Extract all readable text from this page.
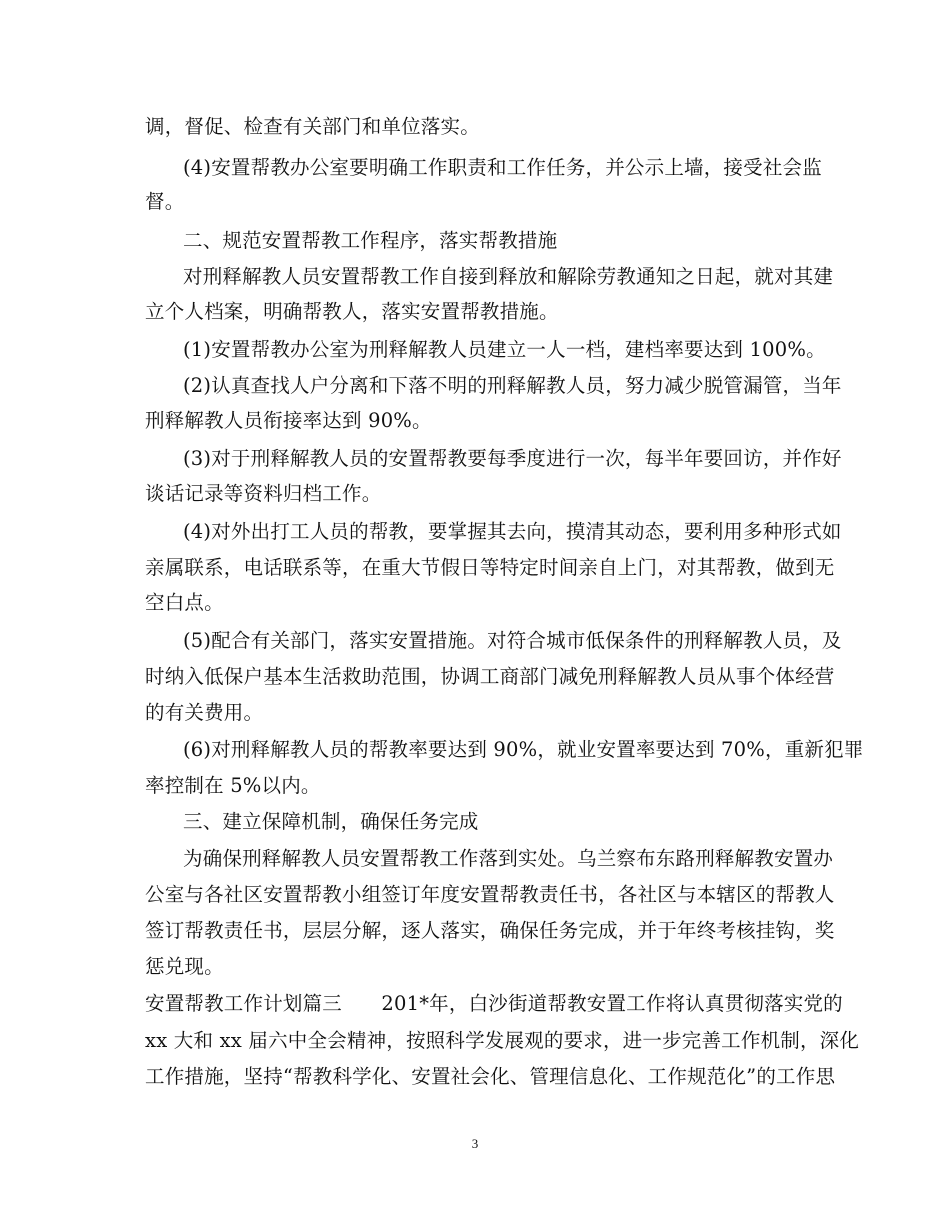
调，督促、检查有关部门和单位落实。
(4)安置帮教办公室要明确工作职责和工作任务，并公示上墙，接受社会监
督。
二、规范安置帮教工作程序，落实帮教措施
对刑释解教人员安置帮教工作自接到释放和解除劳教通知之日起，就对其建
立个人档案，明确帮教人，落实安置帮教措施。
(1)安置帮教办公室为刑释解教人员建立一人一档，建档率要达到 100%。
(2)认真查找人户分离和下落不明的刑释解教人员，努力减少脱管漏管，当年
刑释解教人员衔接率达到 90%。
(3)对于刑释解教人员的安置帮教要每季度进行一次，每半年要回访，并作好
谈话记录等资料归档工作。
(4)对外出打工人员的帮教，要掌握其去向，摸清其动态，要利用多种形式如
亲属联系，电话联系等，在重大节假日等特定时间亲自上门，对其帮教，做到无
空白点。
(5)配合有关部门，落实安置措施。对符合城市低保条件的刑释解教人员，及
时纳入低保户基本生活救助范围，协调工商部门减免刑释解教人员从事个体经营
的有关费用。
(6)对刑释解教人员的帮教率要达到 90%，就业安置率要达到 70%，重新犯罪
率控制在 5%以内。
三、建立保障机制，确保任务完成
为确保刑释解教人员安置帮教工作落到实处。乌兰察布东路刑释解教安置办
公室与各社区安置帮教小组签订年度安置帮教责任书，各社区与本辖区的帮教人
签订帮教责任书，层层分解，逐人落实，确保任务完成，并于年终考核挂钩，奖
惩兑现。
安置帮教工作计划篇三　　201*年，白沙街道帮教安置工作将认真贯彻落实党的
xx 大和 xx 届六中全会精神，按照科学发展观的要求，进一步完善工作机制，深化
工作措施，坚持“帮教科学化、安置社会化、管理信息化、工作规范化”的工作思
3
